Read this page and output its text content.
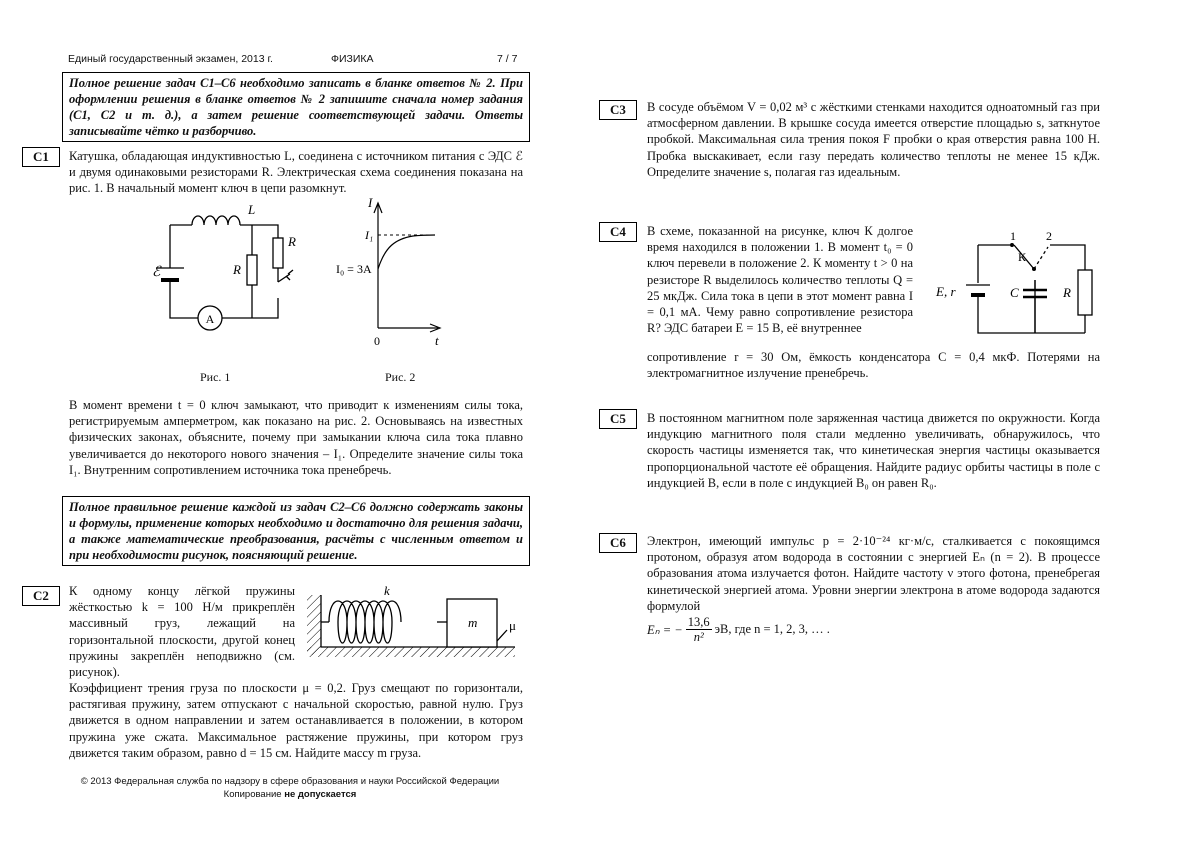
Единый государственный экзамен, 2013 г.	ФИЗИКА	7 / 7
Полное решение задач С1–С6 необходимо записать в бланке ответов № 2. При оформлении решения в бланке ответов № 2 запишите сначала номер задания (С1, С2 и т. д.), а затем решение соответствующей задачи. Ответы записывайте чётко и разборчиво.
С1	Катушка, обладающая индуктивностью L, соединена с источником питания с ЭДС ℰ и двумя одинаковыми резисторами R. Электрическая схема соединения показана на рис. 1. В начальный момент ключ в цепи разомкнут.

A
L
R
R
ℰ
Рис. 1
I
t
0
I₁
I₀ = 3A
Рис. 2

В момент времени t = 0 ключ замыкают, что приводит к изменениям силы тока, регистрируемым амперметром, как показано на рис. 2. Основываясь на известных физических законах, объясните, почему при замыкании ключа сила тока плавно увеличивается до некоторого нового значения – I₁. Определите значение силы тока I₁. Внутренним сопротивлением источника тока пренебречь.

Полное правильное решение каждой из задач С2–С6 должно содержать законы и формулы, применение которых необходимо и достаточно для решения задачи, а также математические преобразования, расчёты с численным ответом и при необходимости рисунок, поясняющий решение.
С2	К одному концу лёгкой пружины жёсткостью k = 100 Н/м прикреплён массивный груз, лежащий на горизонтальной плоскости, другой конец пружины закреплён неподвижно (см. рисунок).

k
m μ

Коэффициент трения груза по плоскости μ = 0,2. Груз смещают по горизонтали, растягивая пружину, затем отпускают с начальной скоростью, равной нулю. Груз движется в одном направлении и затем останавливается в положении, в котором пружина уже сжата. Максимальное растяжение пружины, при котором груз движется таким образом, равно d = 15 см. Найдите массу m груза.

© 2013 Федеральная служба по надзору в сфере образования и науки Российской Федерации
Копирование не допускается
С3	В сосуде объёмом V = 0,02 м³ с жёсткими стенками находится одноатомный газ при атмосферном давлении. В крышке сосуда имеется отверстие площадью s, заткнутое пробкой. Максимальная сила трения покоя F пробки о края отверстия равна 100 Н. Пробка выскакивает, если газу передать количество теплоты не менее 15 кДж. Определите значение s, полагая газ идеальным.

С4	В схеме, показанной на рисунке, ключ К долгое время находился в положении 1. В момент t₀ = 0 ключ перевели в положение 2. К моменту t > 0 на резисторе R выделилось количество теплоты Q = 25 мкДж. Сила тока в цепи в этот момент равна I = 0,1 мА. Чему равно сопротивление резистора R? ЭДС батареи E = 15 В, её внутреннее

сопротивление r = 30 Ом, ёмкость конденсатора C = 0,4 мкФ. Потерями на электромагнитное излучение пренебречь.

1	2
К
E, r	C	R
С5	В постоянном магнитном поле заряженная частица движется по окружности. Когда индукцию магнитного поля стали медленно увеличивать, обнаружилось, что скорость частицы изменяется так, что кинетическая энергия частицы оказывается пропорциональной частоте её обращения. Найдите радиус орбиты частицы в поле с индукцией B, если в поле с индукцией B₀ он равен R₀.

С6	Электрон, имеющий импульс p = 2·10⁻²⁴ кг·м/с, сталкивается с покоящимся протоном, образуя атом водорода в состоянии с энергией Eₙ (n = 2). В процессе образования атома излучается фотон. Найдите частоту ν этого фотона, пренебрегая кинетической энергией атома. Уровни энергии электрона в атоме водорода задаются формулой

Eₙ = − $\frac{13,6}{\text{n²}}$ эВ, где n = 1, 2, 3, … .
